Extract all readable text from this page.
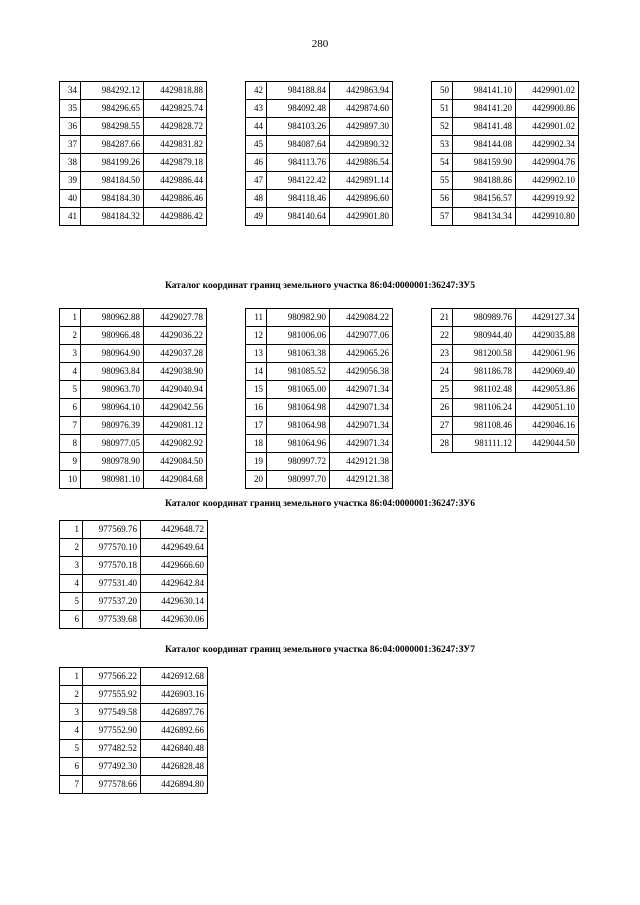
280
34	984292.12	4429818.88
35	984296.65	4429825.74
36	984298.55	4429828.72
37	984287.66	4429831.82
38	984199.26	4429879.18
39	984184.50	4429886.44
40	984184.30	4429886.46
41	984184.32	4429886.42
42	984188.84	4429863.94
43	984092.48	4429874.60
44	984103.26	4429897.30
45	984087.64	4429890.32
46	984113.76	4429886.54
47	984122.42	4429891.14
48	984118.46	4429896.60
49	984140.64	4429901.80
50	984141.10	4429901.02
51	984141.20	4429900.86
52	984141.48	4429901.02
53	984144.08	4429902.34
54	984159.90	4429904.76
55	984188.86	4429902.10
56	984156.57	4429919.92
57	984134.34	4429910.80
Каталог координат границ земельного участка 86:04:0000001:36247:ЗУ5
1	980962.88	4429027.78
2	980966.48	4429036.22
3	980964.90	4429037.28
4	980963.84	4429038.90
5	980963.70	4429040.94
6	980964.10	4429042.56
7	980976.39	4429081.12
8	980977.05	4429082.92
9	980978.90	4429084.50
10	980981.10	4429084.68
11	980982.90	4429084.22
12	981006.06	4429077.06
13	981063.38	4429065.26
14	981085.52	4429056.38
15	981065.00	4429071.34
16	981064.98	4429071.34
17	981064.98	4429071.34
18	981064.96	4429071.34
19	980997.72	4429121.38
20	980997.70	4429121.38
21	980989.76	4429127.34
22	980944.40	4429035.88
23	981200.58	4429061.96
24	981186.78	4429069.40
25	981102.48	4429053.86
26	981106.24	4429051.10
27	981108.46	4429046.16
28	981111.12	4429044.50
Каталог координат границ земельного участка 86:04:0000001:36247:ЗУ6
1	977569.76	4429648.72
2	977570.10	4429649.64
3	977570.18	4429666.60
4	977531.40	4429642.84
5	977537.20	4429630.14
6	977539.68	4429630.06
Каталог координат границ земельного участка 86:04:0000001:36247:ЗУ7
1	977566.22	4426912.68
2	977555.92	4426903.16
3	977549.58	4426897.76
4	977552.90	4426892.66
5	977482.52	4426840.48
6	977492.30	4426828.48
7	977578.66	4426894.80
